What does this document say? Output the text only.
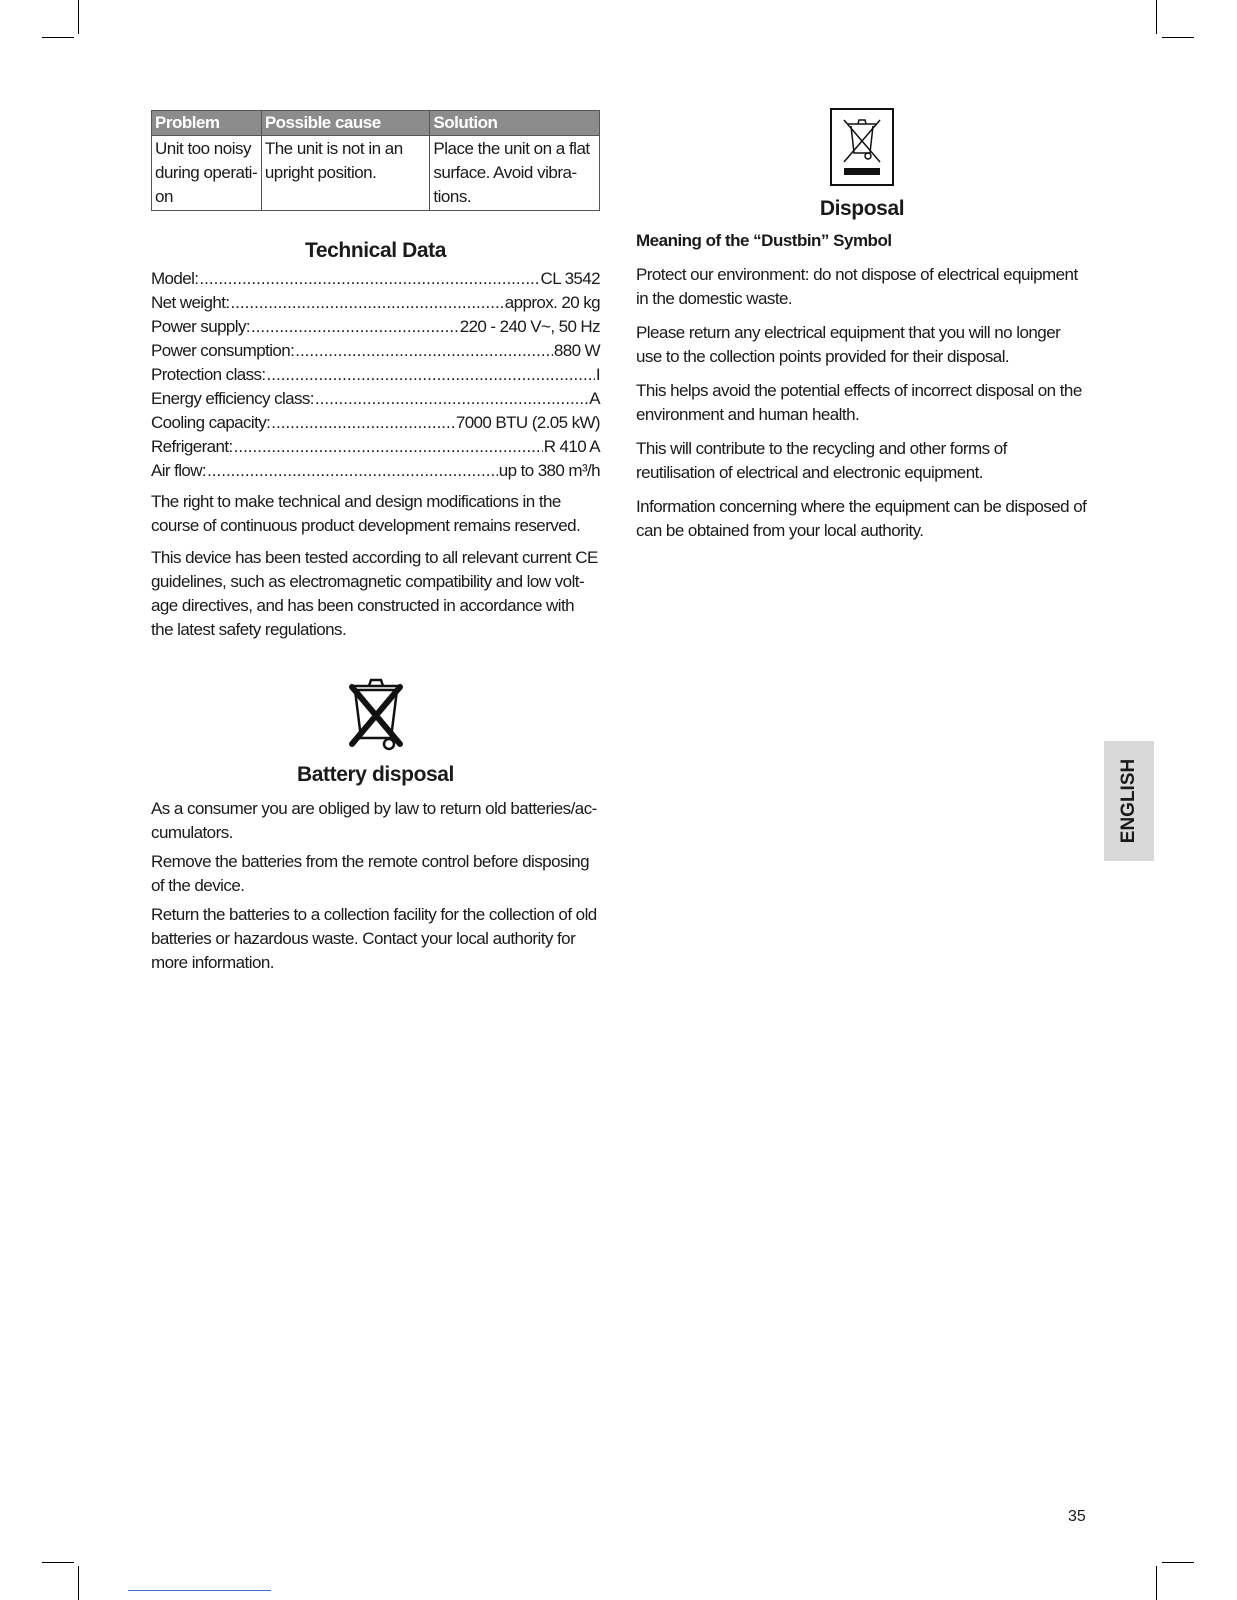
Problem	Possible cause	Solution
Unit too noisy during operati-on	The unit is not in an upright position.	Place the unit on a flat surface. Avoid vibra-tions.
Technical Data
Model: .....	CL 3542
Net weight: .....	approx. 20 kg
Power supply: .....	220 - 240 V~, 50 Hz
Power consumption: .....	880 W
Protection class: .....	I
Energy efficiency class: .....	A
Cooling capacity: .....	7000 BTU (2.05 kW)
Refrigerant: .....	R 410 A
Air flow: .....	up to 380 m³/h

The right to make technical and design modifications in the course of continuous product development remains reserved.

This device has been tested according to all relevant current CE guidelines, such as electromagnetic compatibility and low volt-age directives, and has been constructed in accordance with the latest safety regulations.

Battery disposal

As a consumer you are obliged by law to return old batteries/ac-cumulators.

Remove the batteries from the remote control before disposing of the device.

Return the batteries to a collection facility for the collection of old batteries or hazardous waste. Contact your local authority for more information.

Disposal
Meaning of the “Dustbin” Symbol

Protect our environment: do not dispose of electrical equipment in the domestic waste.

Please return any electrical equipment that you will no longer use to the collection points provided for their disposal.

This helps avoid the potential effects of incorrect disposal on the environment and human health.

This will contribute to the recycling and other forms of reutilisation of electrical and electronic equipment.

Information concerning where the equipment can be disposed of can be obtained from your local authority.

ENGLISH
35
